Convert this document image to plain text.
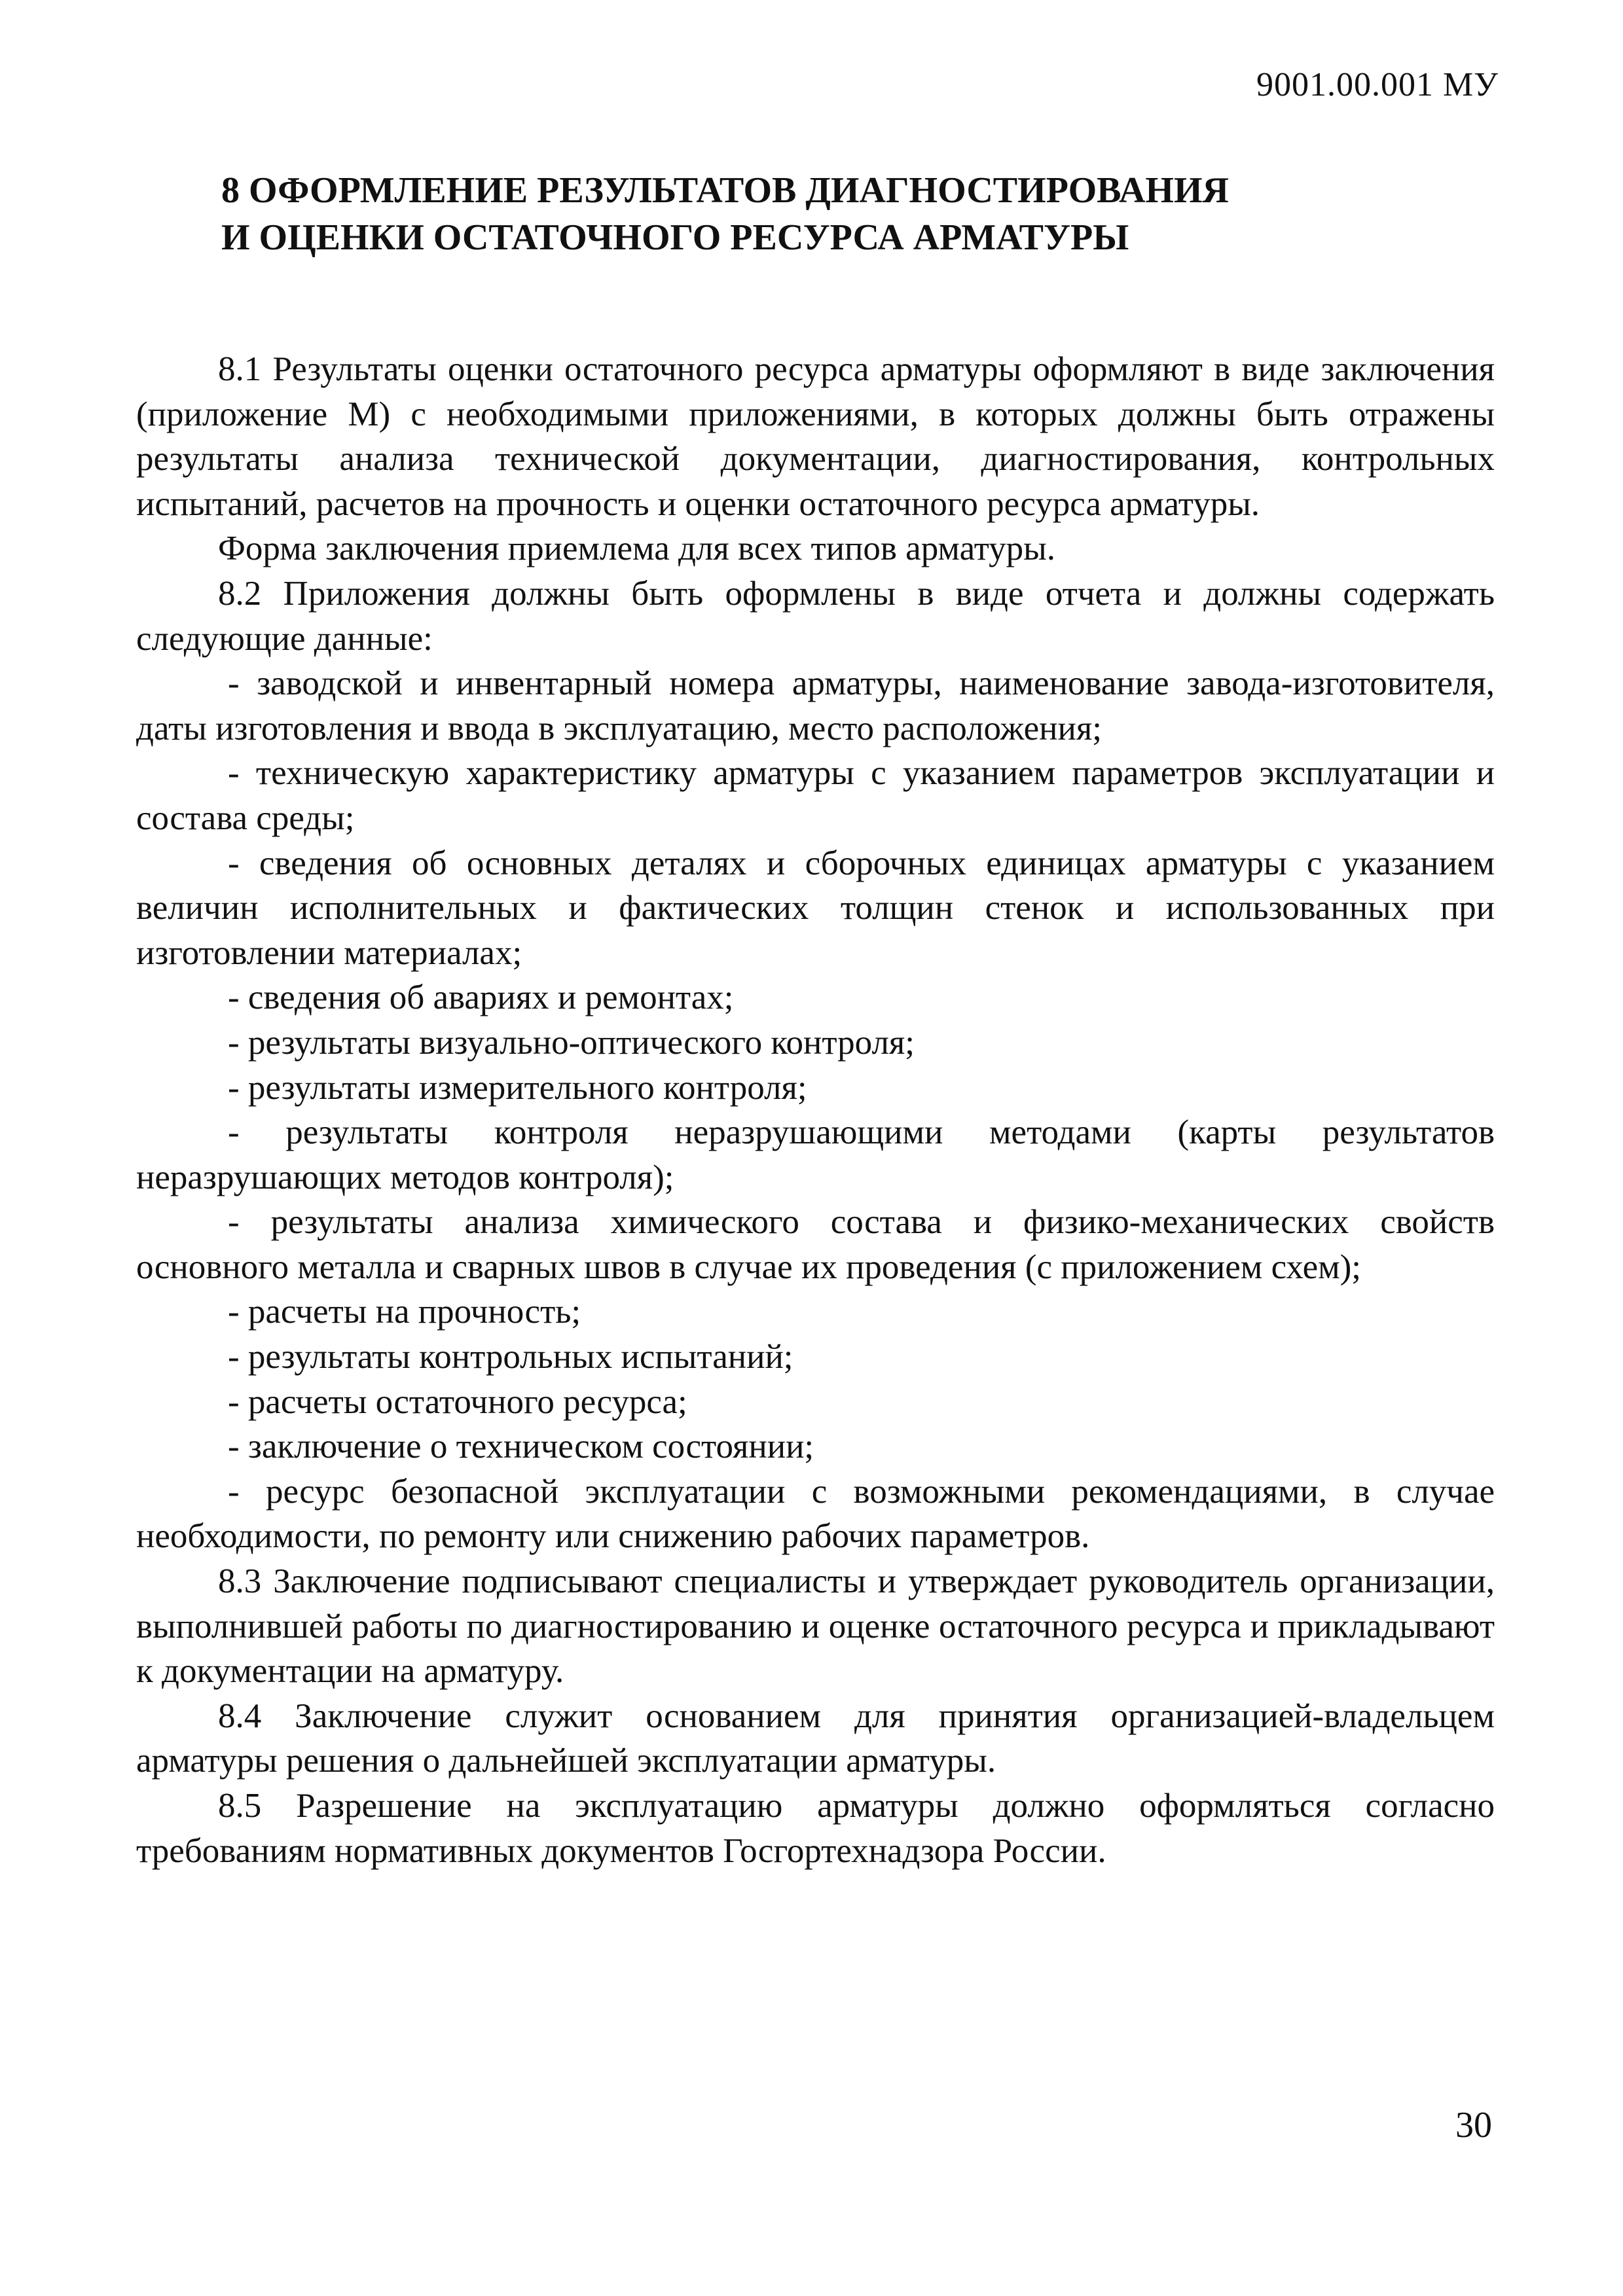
9001.00.001 МУ
8 ОФОРМЛЕНИЕ РЕЗУЛЬТАТОВ ДИАГНОСТИРОВАНИЯ
И ОЦЕНКИ ОСТАТОЧНОГО РЕСУРСА АРМАТУРЫ

8.1 Результаты оценки остаточного ресурса арматуры оформляют в виде заключения (приложение М) с необходимыми приложениями, в которых должны быть отражены результаты анализа технической документации, диагностирования, контрольных испытаний, расчетов на прочность и оценки остаточного ресурса арматуры.

Форма заключения приемлема для всех типов арматуры.

8.2 Приложения должны быть оформлены в виде отчета и должны содержать следующие данные:

- заводской и инвентарный номера арматуры, наименование завода-изготовителя, даты изготовления и ввода в эксплуатацию, место расположения;

- техническую характеристику арматуры с указанием параметров эксплуатации и состава среды;

- сведения об основных деталях и сборочных единицах арматуры с указанием величин исполнительных и фактических толщин стенок и использованных при изготовлении материалах;

- сведения об авариях и ремонтах;

- результаты визуально-оптического контроля;

- результаты измерительного контроля;

- результаты контроля неразрушающими методами (карты результатов неразрушающих методов контроля);

- результаты анализа химического состава и физико-механических свойств основного металла и сварных швов в случае их проведения (с приложением схем);

- расчеты на прочность;

- результаты контрольных испытаний;

- расчеты остаточного ресурса;

- заключение о техническом состоянии;

- ресурс безопасной эксплуатации с возможными рекомендациями, в случае необходимости, по ремонту или снижению рабочих параметров.

8.3 Заключение подписывают специалисты и утверждает руководитель организации, выполнившей работы по диагностированию и оценке остаточного ресурса и прикладывают к документации на арматуру.

8.4 Заключение служит основанием для принятия организацией-владельцем арматуры решения о дальнейшей эксплуатации арматуры.

8.5 Разрешение на эксплуатацию арматуры должно оформляться согласно требованиям нормативных документов Госгортехнадзора России.

30
